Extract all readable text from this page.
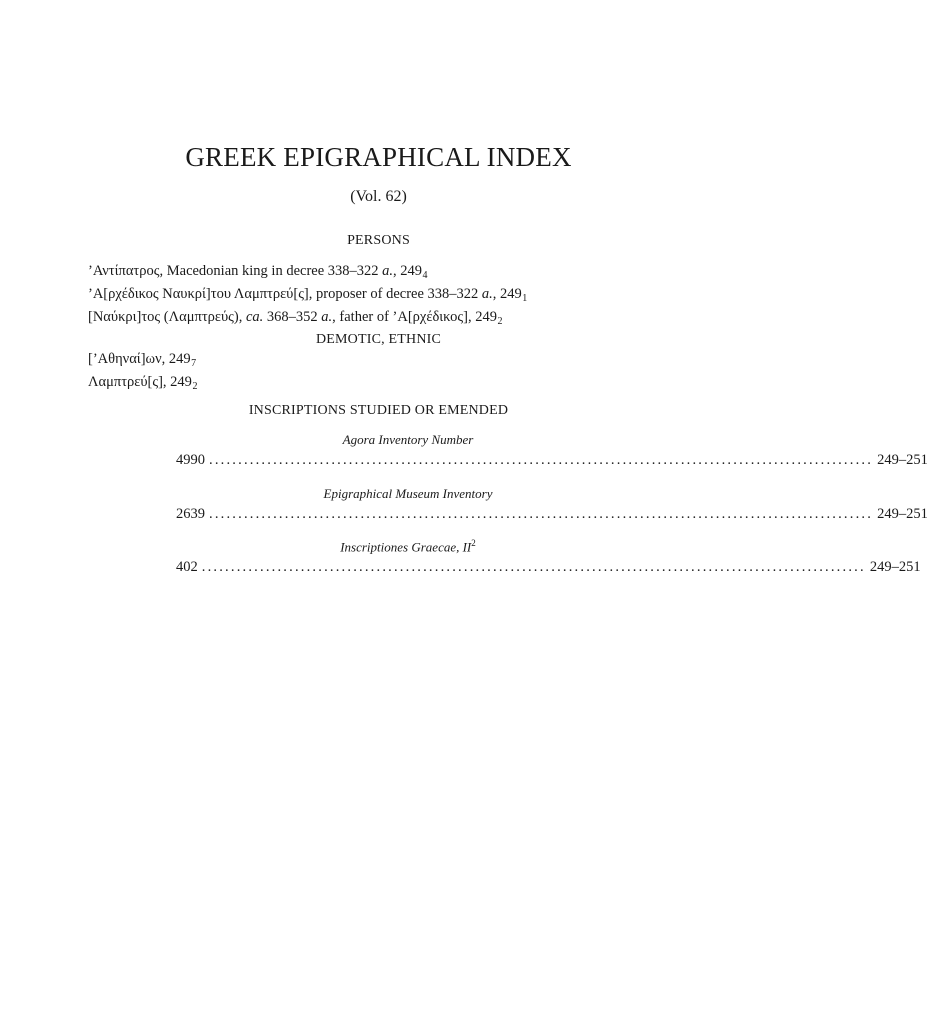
GREEK EPIGRAPHICAL INDEX
(Vol. 62)
PERSONS
’Αντίπατρος, Macedonian king in decree 338–322 a., $249_4$
’Α[ρχέδικος Ναυκρί]του Λαμπτρεύ[ς], proposer of decree 338–322 a., $249_1$
[Ναύκρι]τος (Λαμπτρεύς), ca. 368–352 a., father of ’Α[ρχέδικος], $249_2$
DEMOTIC, ETHNIC
[’Αθηναί]ων, $249_7$
Λαμπτρεύ[ς], $249_2$
INSCRIPTIONS STUDIED OR EMENDED
Agora Inventory Number
4990 .................................................................................................................. 249–251
Epigraphical Museum Inventory
2639 .................................................................................................................. 249–251
Inscriptiones Graecae, $II^2$
402 .................................................................................................................. 249–251
